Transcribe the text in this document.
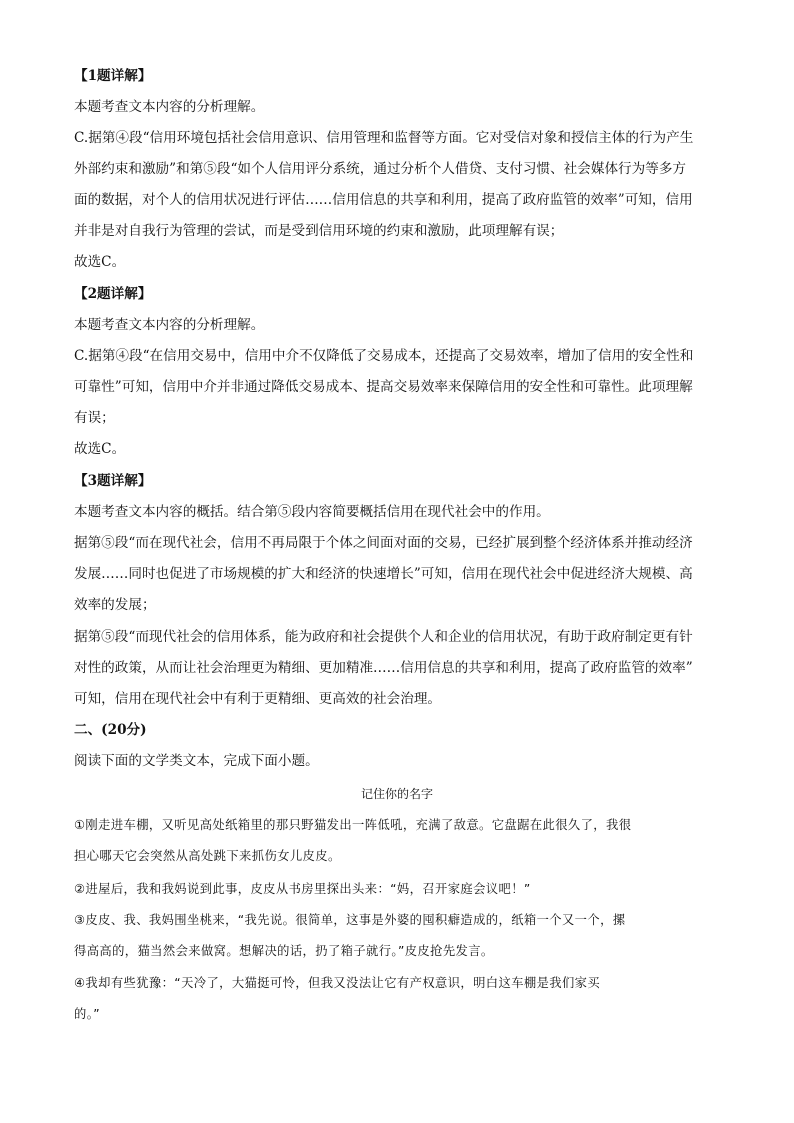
【1题详解】
本题考查文本内容的分析理解。
C.据第④段“信用环境包括社会信用意识、信用管理和监督等方面。它对受信对象和授信主体的行为产生
外部约束和激励”和第⑤段“如个人信用评分系统，通过分析个人借贷、支付习惯、社会媒体行为等多方
面的数据，对个人的信用状况进行评估……信用信息的共享和利用，提高了政府监管的效率”可知，信用
并非是对自我行为管理的尝试，而是受到信用环境的约束和激励，此项理解有误；
故选C。
【2题详解】
本题考查文本内容的分析理解。
C.据第④段“在信用交易中，信用中介不仅降低了交易成本，还提高了交易效率，增加了信用的安全性和
可靠性”可知，信用中介并非通过降低交易成本、提高交易效率来保障信用的安全性和可靠性。此项理解
有误；
故选C。
【3题详解】
本题考查文本内容的概括。结合第⑤段内容简要概括信用在现代社会中的作用。
据第⑤段“而在现代社会，信用不再局限于个体之间面对面的交易，已经扩展到整个经济体系并推动经济
发展……同时也促进了市场规模的扩大和经济的快速增长”可知，信用在现代社会中促进经济大规模、高
效率的发展；
据第⑤段“而现代社会的信用体系，能为政府和社会提供个人和企业的信用状况，有助于政府制定更有针
对性的政策，从而让社会治理更为精细、更加精准……信用信息的共享和利用，提高了政府监管的效率”
可知，信用在现代社会中有利于更精细、更高效的社会治理。
二、(20分)
阅读下面的文学类文本，完成下面小题。
记住你的名字
①刚走进车棚，又听见高处纸箱里的那只野猫发出一阵低吼，充满了敌意。它盘踞在此很久了，我很
担心哪天它会突然从高处跳下来抓伤女儿皮皮。
②进屋后，我和我妈说到此事，皮皮从书房里探出头来：“妈，召开家庭会议吧！”
③皮皮、我、我妈围坐桃来，“我先说。很简单，这事是外婆的囤积癖造成的，纸箱一个又一个，摞
得高高的，猫当然会来做窝。想解决的话，扔了箱子就行。”皮皮抢先发言。
④我却有些犹豫：“天冷了，大猫挺可怜，但我又没法让它有产权意识，明白这车棚是我们家买
的。”
